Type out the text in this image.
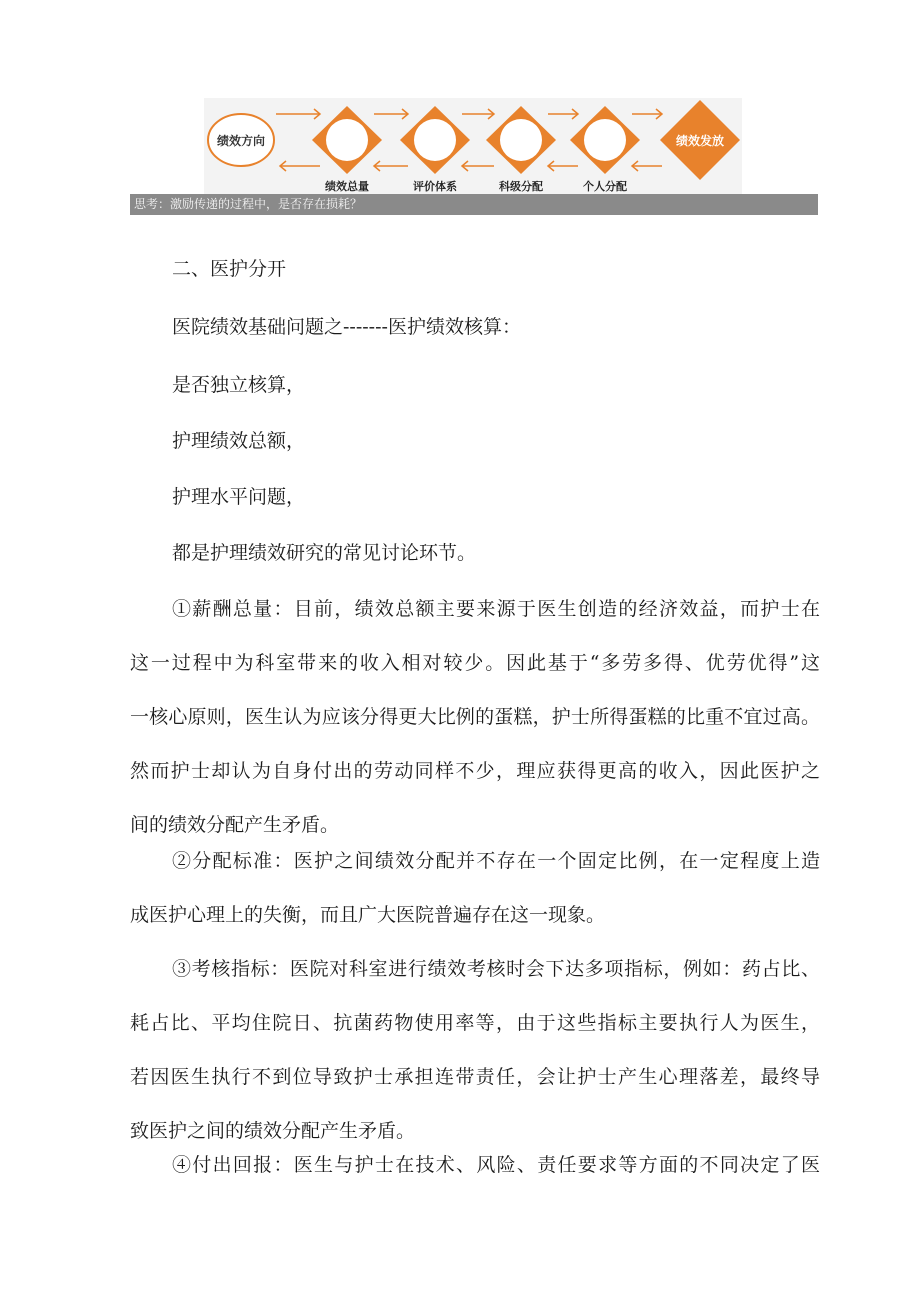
绩效方向	绩效发放
绩效总量	评价体系	科级分配	个人分配
思考：激励传递的过程中，是否存在损耗？
二、医护分开
医院绩效基础问题之-------医护绩效核算：
是否独立核算，
护理绩效总额，
护理水平问题，
都是护理绩效研究的常见讨论环节。
①薪酬总量：目前，绩效总额主要来源于医生创造的经济效益，而护士在
这一过程中为科室带来的收入相对较少。因此基于“多劳多得、优劳优得”这
一核心原则，医生认为应该分得更大比例的蛋糕，护士所得蛋糕的比重不宜过高。
然而护士却认为自身付出的劳动同样不少，理应获得更高的收入，因此医护之
间的绩效分配产生矛盾。
②分配标准：医护之间绩效分配并不存在一个固定比例，在一定程度上造
成医护心理上的失衡，而且广大医院普遍存在这一现象。
③考核指标：医院对科室进行绩效考核时会下达多项指标，例如：药占比、
耗占比、平均住院日、抗菌药物使用率等，由于这些指标主要执行人为医生，
若因医生执行不到位导致护士承担连带责任，会让护士产生心理落差，最终导
致医护之间的绩效分配产生矛盾。
④付出回报：医生与护士在技术、风险、责任要求等方面的不同决定了医
